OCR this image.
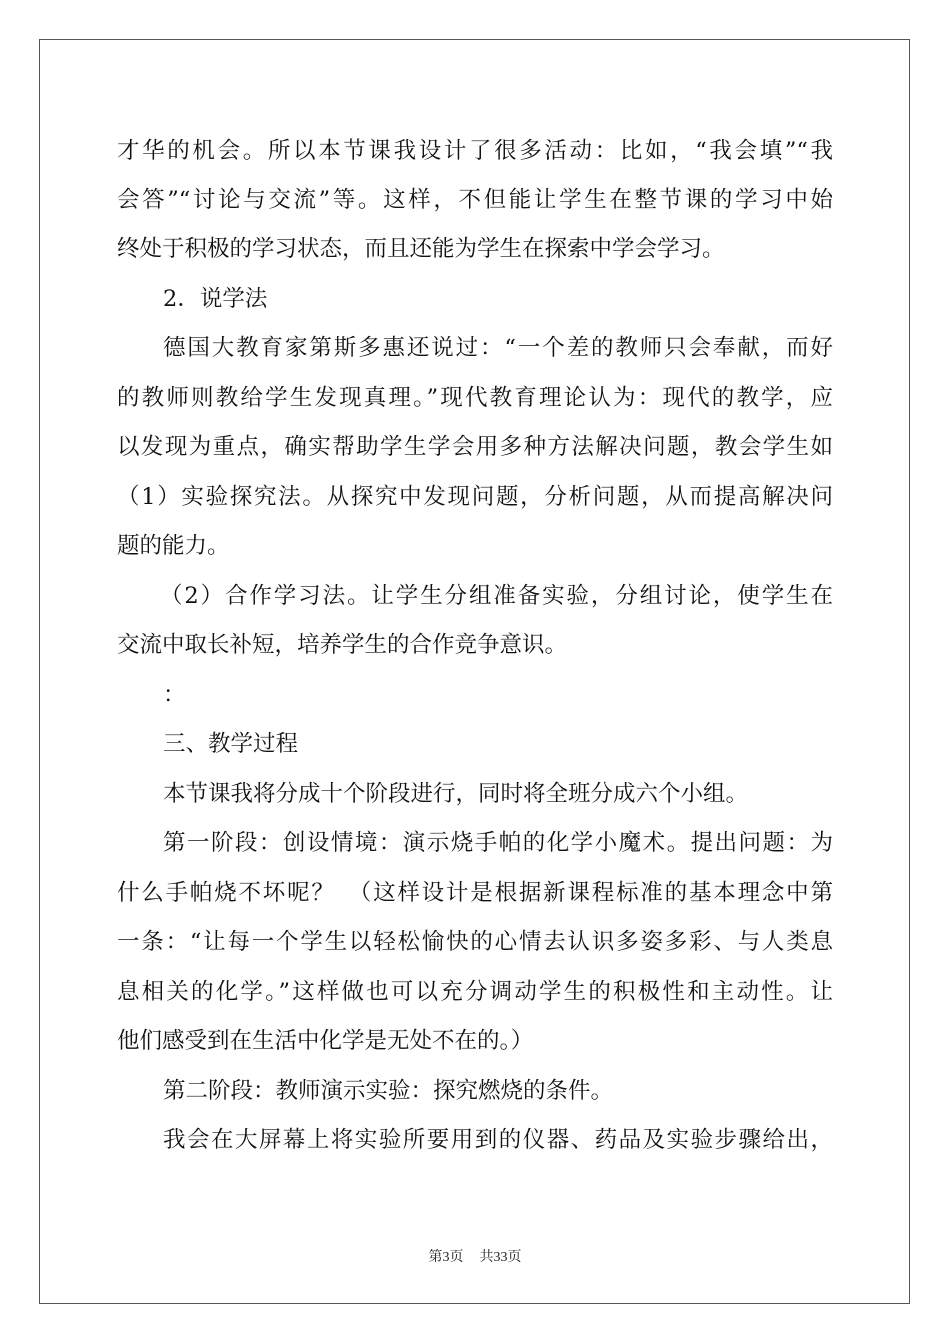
才华的机会。所以本节课我设计了很多活动：比如，“我会填”“我
会答”“讨论与交流”等。这样，不但能让学生在整节课的学习中始
终处于积极的学习状态，而且还能为学生在探索中学会学习。
2．说学法
德国大教育家第斯多惠还说过：“一个差的教师只会奉献，而好
的教师则教给学生发现真理。”现代教育理论认为：现代的教学，应
以发现为重点，确实帮助学生学会用多种方法解决问题，教会学生如
（1）实验探究法。从探究中发现问题，分析问题，从而提高解决问
题的能力。
（2）合作学习法。让学生分组准备实验，分组讨论，使学生在
交流中取长补短，培养学生的合作竞争意识。
：
三、教学过程
本节课我将分成十个阶段进行，同时将全班分成六个小组。
第一阶段：创设情境：演示烧手帕的化学小魔术。提出问题：为
什么手帕烧不坏呢？　（这样设计是根据新课程标准的基本理念中第
一条：“让每一个学生以轻松愉快的心情去认识多姿多彩、与人类息
息相关的化学。”这样做也可以充分调动学生的积极性和主动性。让
他们感受到在生活中化学是无处不在的。）
第二阶段：教师演示实验：探究燃烧的条件。
我会在大屏幕上将实验所要用到的仪器、药品及实验步骤给出，
第3页 共33页
